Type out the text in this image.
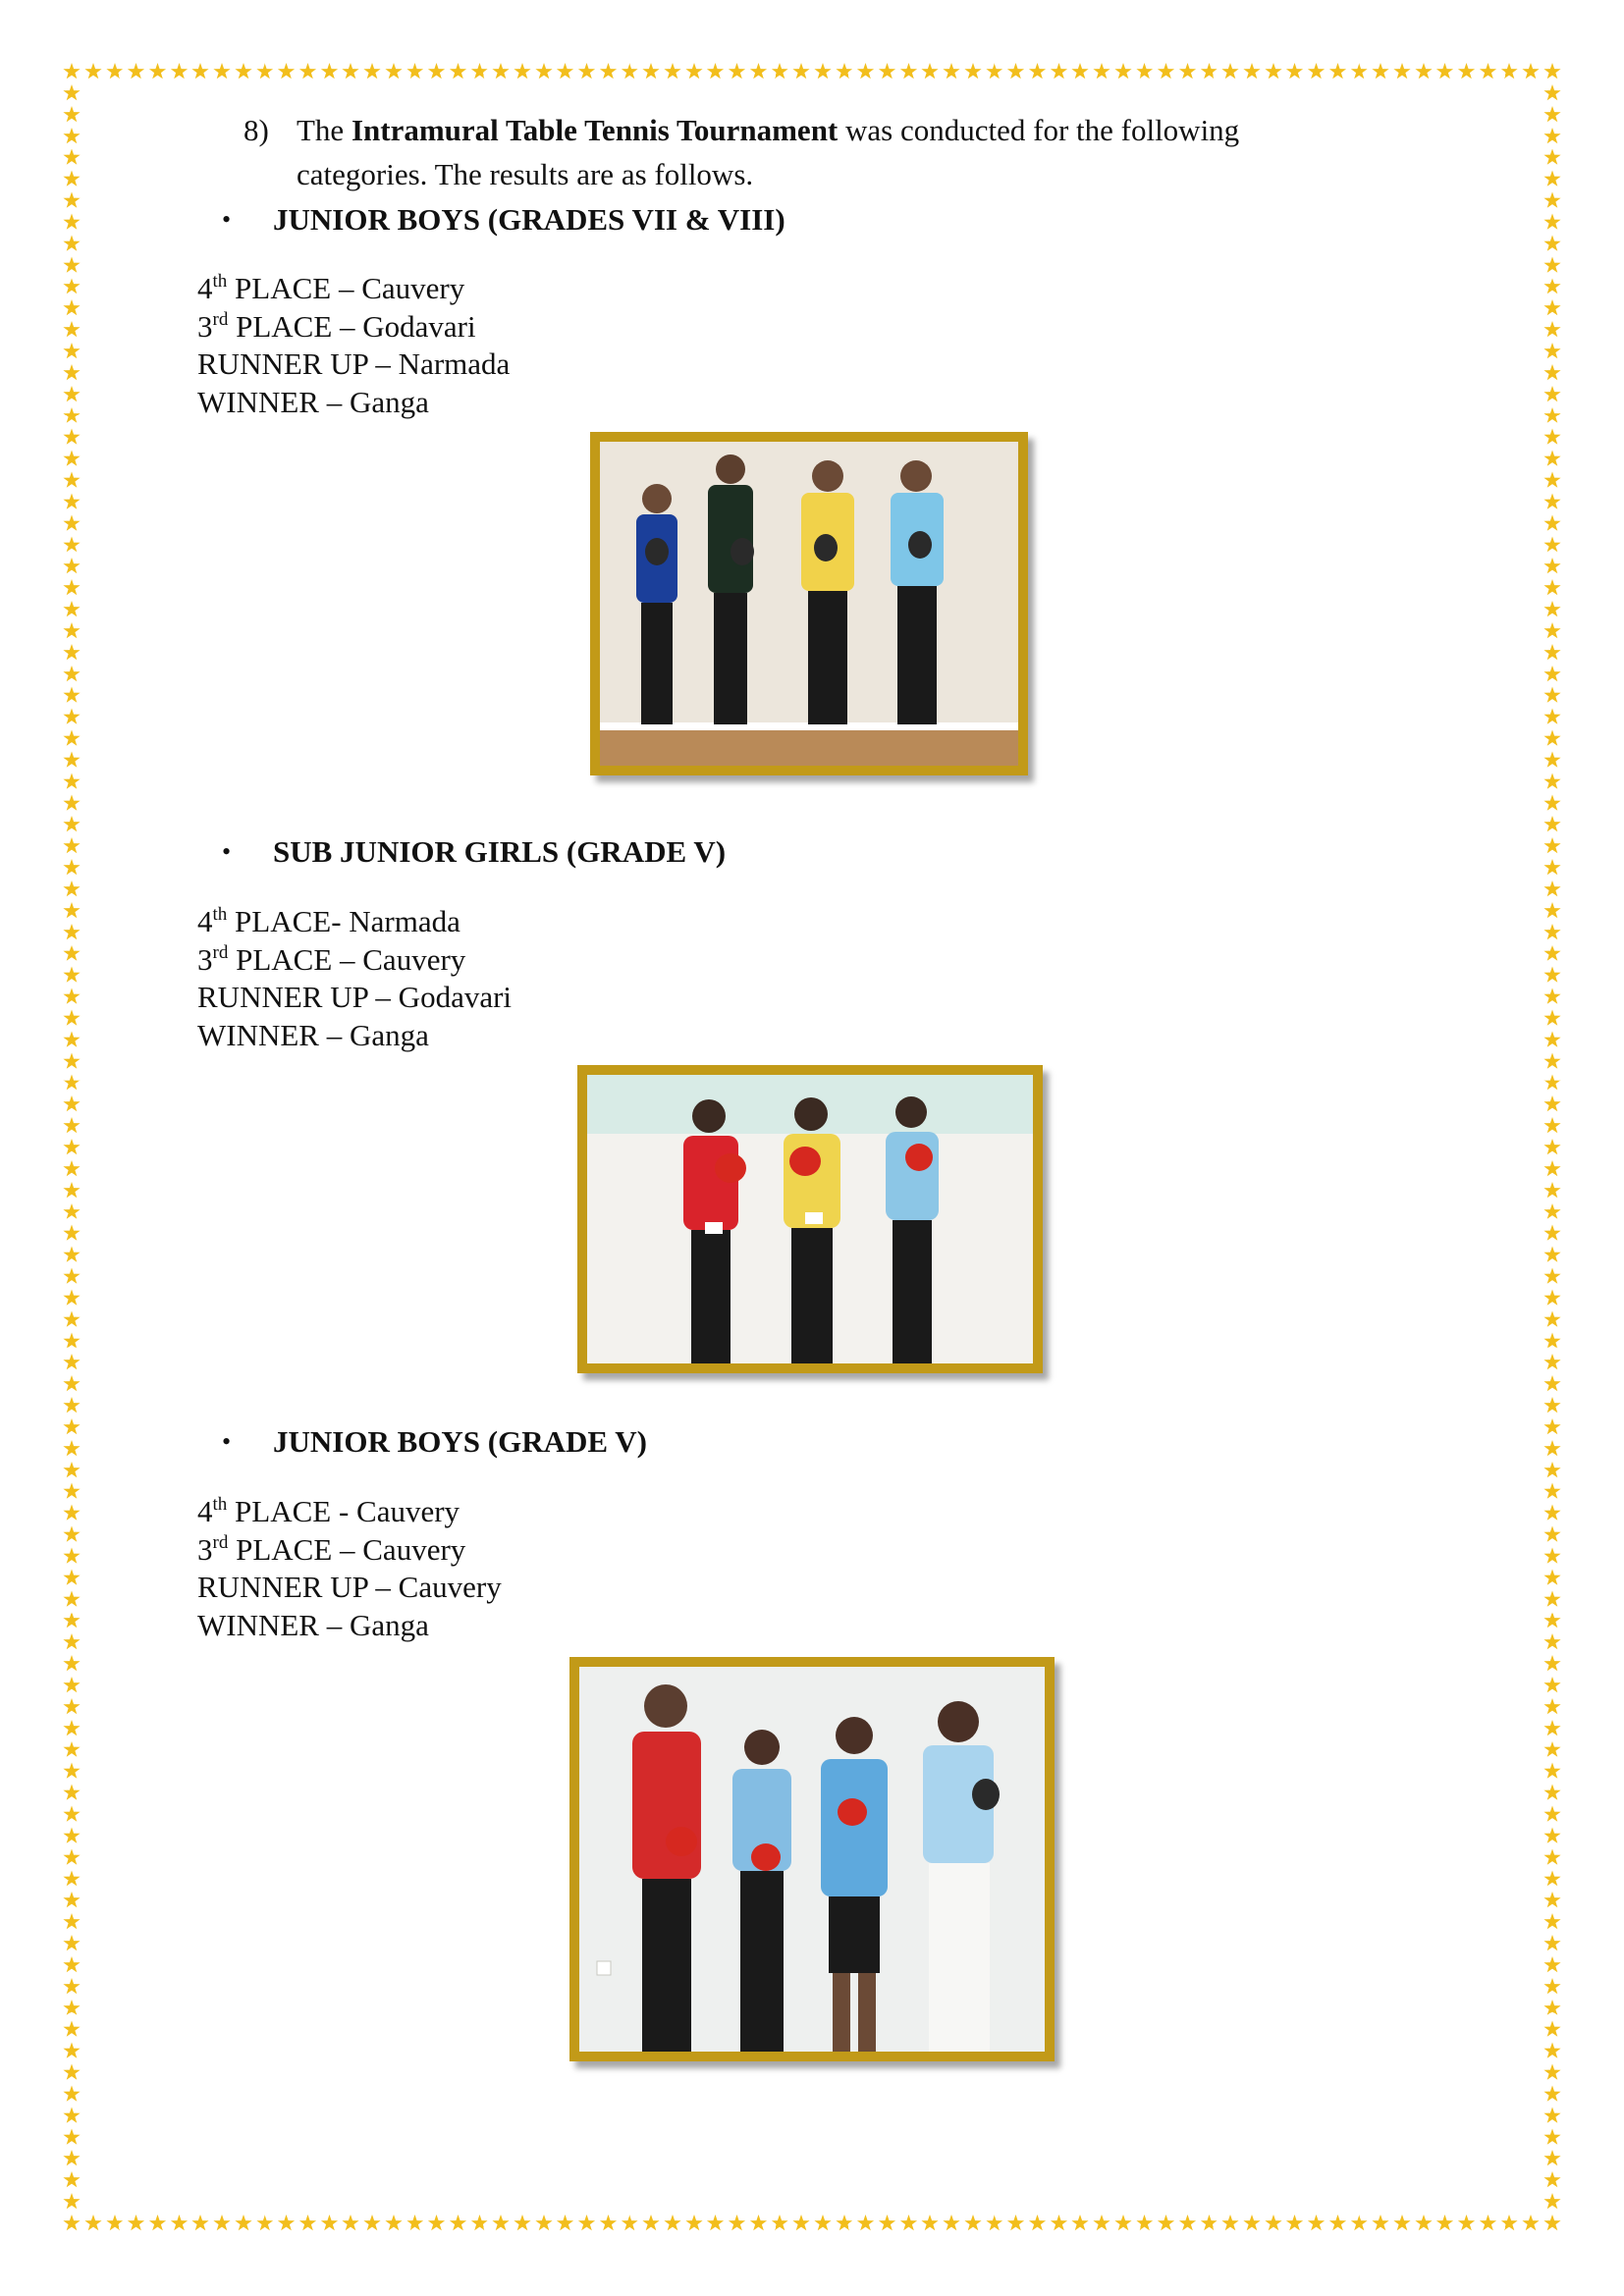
8) The Intramural Table Tennis Tournament was conducted for the following
categories. The results are as follows.
• JUNIOR BOYS (GRADES VII & VIII)
4th PLACE – Cauvery
3rd PLACE – Godavari
RUNNER UP – Narmada
WINNER – Ganga
• SUB JUNIOR GIRLS (GRADE V)
4th PLACE- Narmada
3rd PLACE – Cauvery
RUNNER UP – Godavari
WINNER – Ganga
• JUNIOR BOYS (GRADE V)
4th PLACE - Cauvery
3rd PLACE – Cauvery
RUNNER UP – Cauvery
WINNER – Ganga
